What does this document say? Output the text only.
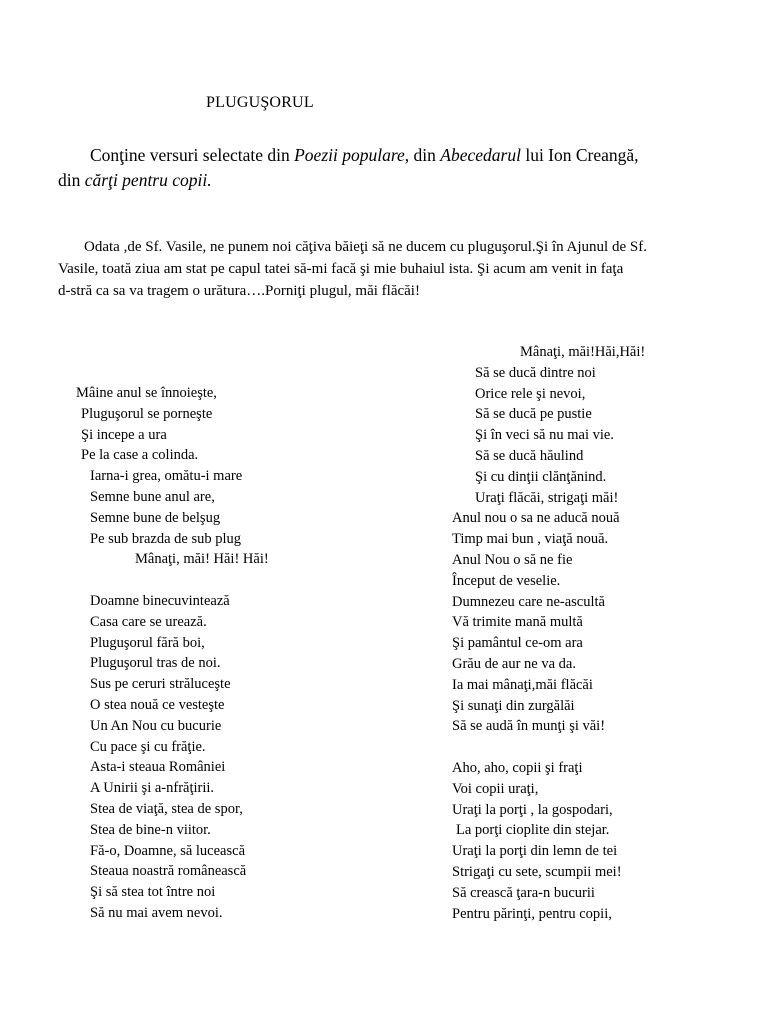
PLUGUŞORUL
Conţine versuri selectate din Poezii populare, din Abecedarul lui Ion Creangă,
din cărţi pentru copii.
Odata ,de Sf. Vasile, ne punem noi căţiva băieţi să ne ducem cu pluguşorul.Şi în Ajunul de Sf.
Vasile, toată ziua am stat pe capul tatei să-mi facă şi mie buhaiul ista. Şi acum am venit in faţa
d-stră ca sa va tragem o urătura….Porniţi plugul, măi flăcăi!
Mâine anul se înnoieşte,
Pluguşorul se porneşte
Şi incepe a ura
Pe la case a colinda.
Iarna-i grea, omătu-i mare
Semne bune anul are,
Semne bune de belşug
Pe sub brazda de sub plug
Mânaţi, măi! Hăi! Hăi!
Doamne binecuvintează
Casa care se urează.
Pluguşorul fără boi,
Pluguşorul tras de noi.
Sus pe ceruri străluceşte
O stea nouă ce vesteşte
Un An Nou cu bucurie
Cu pace şi cu frăţie.
Asta-i steaua României
A Unirii şi a-nfrăţirii.
Stea de viaţă, stea de spor,
Stea de bine-n viitor.
Fă-o, Doamne, să lucească
Steaua noastră românească
Şi să stea tot între noi
Să nu mai avem nevoi.
Mânaţi, măi!Hăi,Hăi!
Să se ducă dintre noi
Orice rele şi nevoi,
Să se ducă pe pustie
Şi în veci să nu mai vie.
Să se ducă hăulind
Şi cu dinţii clănţănind.
Uraţi flăcăi, strigaţi măi!
Anul nou o sa ne aducă nouă
Timp mai bun , viaţă nouă.
Anul Nou o să ne fie
Început de veselie.
Dumnezeu care ne-ascultă
Vă trimite mană multă
Şi pamântul ce-om ara
Grău de aur ne va da.
Ia mai mânaţi,măi flăcăi
Şi sunaţi din zurgălăi
Să se audă în munţi şi văi!
Aho, aho, copii şi fraţi
Voi copii uraţi,
Uraţi la porţi , la gospodari,
La porţi cioplite din stejar.
Uraţi la porţi din lemn de tei
Strigaţi cu sete, scumpii mei!
Să crească ţara-n bucurii
Pentru părinţi, pentru copii,
